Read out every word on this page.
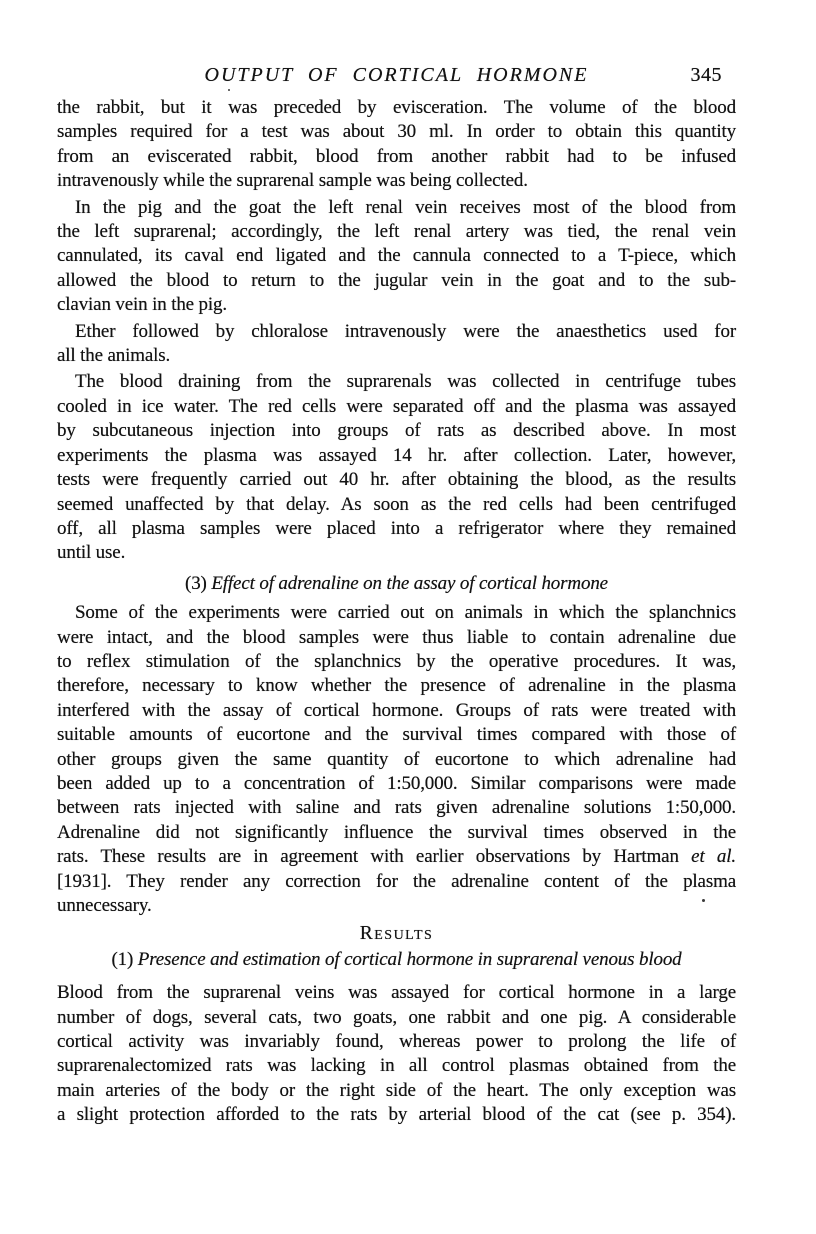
OUTPUT OF CORTICAL HORMONE	345
the rabbit, but it was preceded by evisceration. The volume of the blood
samples required for a test was about 30 ml. In order to obtain this quantity
from an eviscerated rabbit, blood from another rabbit had to be infused
intravenously while the suprarenal sample was being collected.
In the pig and the goat the left renal vein receives most of the blood from
the left suprarenal; accordingly, the left renal artery was tied, the renal vein
cannulated, its caval end ligated and the cannula connected to a T-piece, which
allowed the blood to return to the jugular vein in the goat and to the sub-
clavian vein in the pig.
Ether followed by chloralose intravenously were the anaesthetics used for
all the animals.
The blood draining from the suprarenals was collected in centrifuge tubes
cooled in ice water. The red cells were separated off and the plasma was assayed
by subcutaneous injection into groups of rats as described above. In most
experiments the plasma was assayed 14 hr. after collection. Later, however,
tests were frequently carried out 40 hr. after obtaining the blood, as the results
seemed unaffected by that delay. As soon as the red cells had been centrifuged
off, all plasma samples were placed into a refrigerator where they remained
until use.
(3) Effect of adrenaline on the assay of cortical hormone
Some of the experiments were carried out on animals in which the splanchnics
were intact, and the blood samples were thus liable to contain adrenaline due
to reflex stimulation of the splanchnics by the operative procedures. It was,
therefore, necessary to know whether the presence of adrenaline in the plasma
interfered with the assay of cortical hormone. Groups of rats were treated with
suitable amounts of eucortone and the survival times compared with those of
other groups given the same quantity of eucortone to which adrenaline had
been added up to a concentration of 1:50,000. Similar comparisons were made
between rats injected with saline and rats given adrenaline solutions 1:50,000.
Adrenaline did not significantly influence the survival times observed in the
rats. These results are in agreement with earlier observations by Hartman et al.
[1931]. They render any correction for the adrenaline content of the plasma
unnecessary.
Results
(1) Presence and estimation of cortical hormone in suprarenal venous blood
Blood from the suprarenal veins was assayed for cortical hormone in a large
number of dogs, several cats, two goats, one rabbit and one pig. A considerable
cortical activity was invariably found, whereas power to prolong the life of
suprarenalectomized rats was lacking in all control plasmas obtained from the
main arteries of the body or the right side of the heart. The only exception was
a slight protection afforded to the rats by arterial blood of the cat (see p. 354).
